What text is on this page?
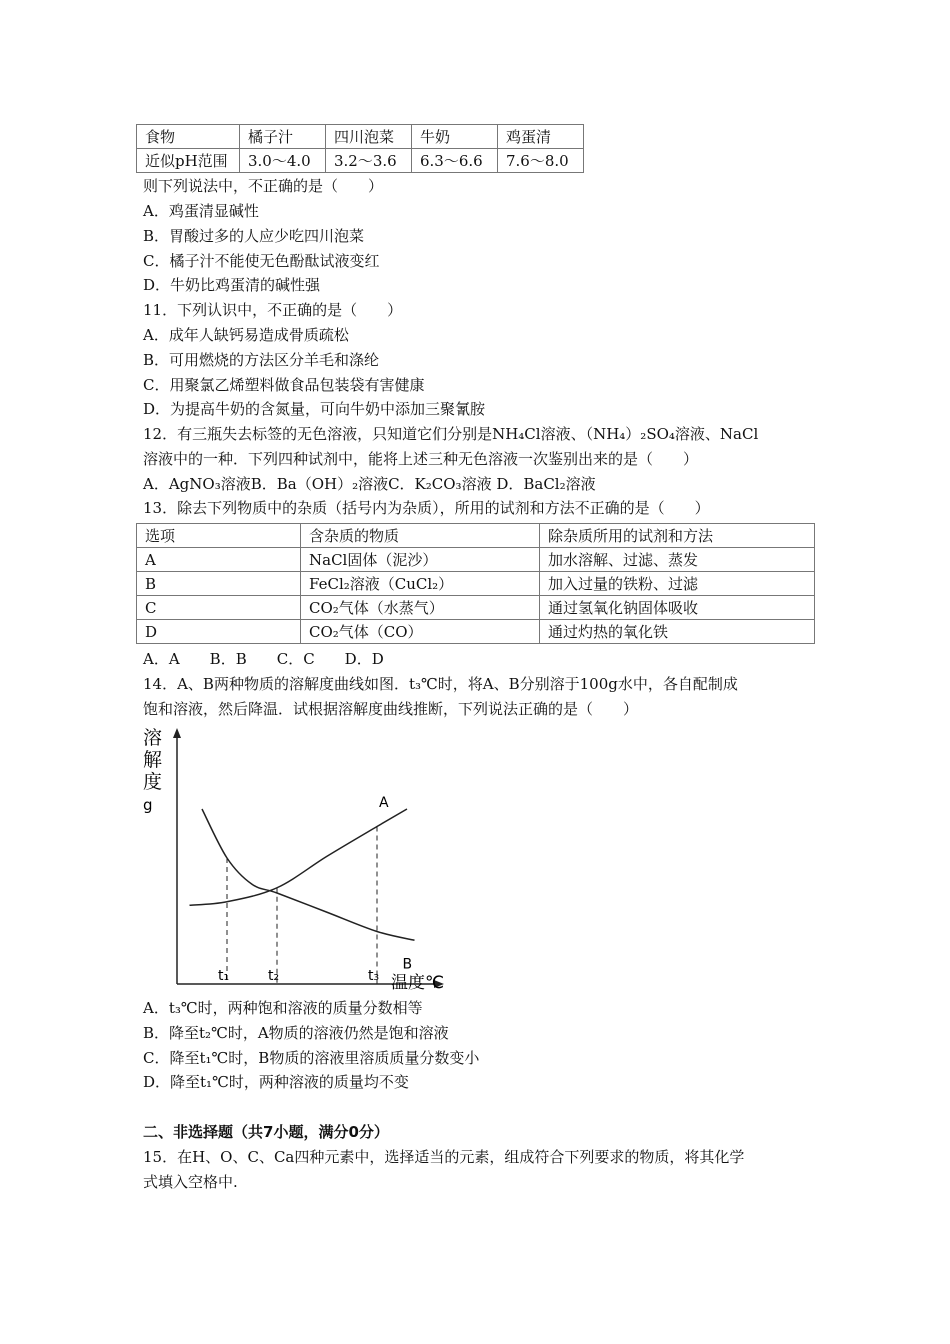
食物	橘子汁	四川泡菜	牛奶	鸡蛋清
近似pH范围	3.0～4.0	3.2～3.6	6.3～6.6	7.6～8.0
则下列说法中，不正确的是（　　）
A．鸡蛋清显碱性
B．胃酸过多的人应少吃四川泡菜
C．橘子汁不能使无色酚酞试液变红
D．牛奶比鸡蛋清的碱性强
11．下列认识中，不正确的是（　　）
A．成年人缺钙易造成骨质疏松
B．可用燃烧的方法区分羊毛和涤纶
C．用聚氯乙烯塑料做食品包装袋有害健康
D．为提高牛奶的含氮量，可向牛奶中添加三聚氰胺
12．有三瓶失去标签的无色溶液，只知道它们分别是NH₄Cl溶液、（NH₄）₂SO₄溶液、NaCl
溶液中的一种．下列四种试剂中，能将上述三种无色溶液一次鉴别出来的是（　　）
A．AgNO₃溶液B．Ba（OH）₂溶液C．K₂CO₃溶液 D．BaCl₂溶液
13．除去下列物质中的杂质（括号内为杂质），所用的试剂和方法不正确的是（　　）
选项	含杂质的物质	除杂质所用的试剂和方法
A	NaCl固体（泥沙）	加水溶解、过滤、蒸发
B	FeCl₂溶液（CuCl₂）	加入过量的铁粉、过滤
C	CO₂气体（水蒸气）	通过氢氧化钠固体吸收
D	CO₂气体（CO）	通过灼热的氧化铁
A．A　　B．B　　C．C　　D．D
14．A、B两种物质的溶解度曲线如图．t₃℃时，将A、B分别溶于100g水中，各自配制成
饱和溶液，然后降温．试根据溶解度曲线推断，下列说法正确的是（　　）
溶
解
度
g
温度℃
A
B
t₁	t₂	t₃
A．t₃℃时，两种饱和溶液的质量分数相等
B．降至t₂℃时，A物质的溶液仍然是饱和溶液
C．降至t₁℃时，B物质的溶液里溶质质量分数变小
D．降至t₁℃时，两种溶液的质量均不变
二、非选择题（共7小题，满分0分）
15．在H、O、C、Ca四种元素中，选择适当的元素，组成符合下列要求的物质，将其化学
式填入空格中.
